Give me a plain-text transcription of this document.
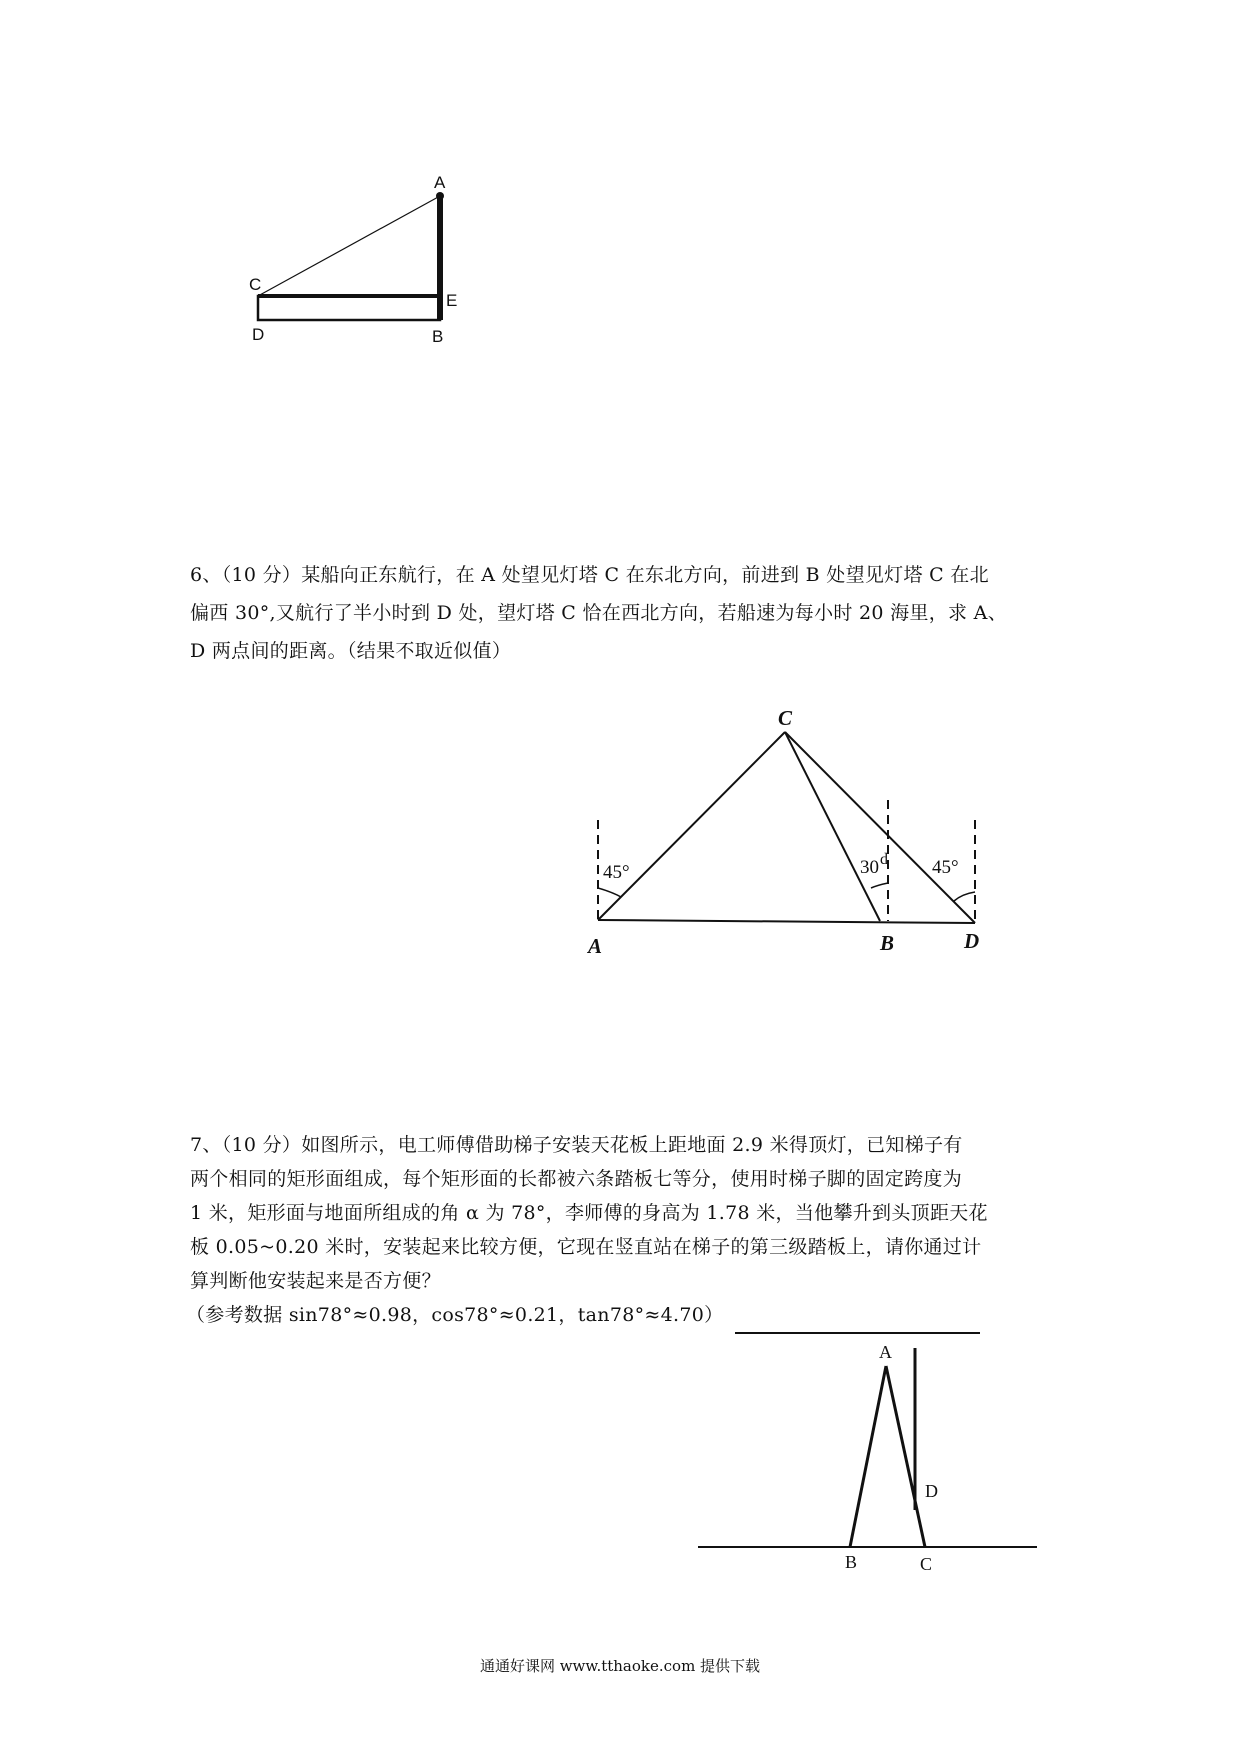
A
C
E
D	B
6、（10 分）某船向正东航行，在 A 处望见灯塔 C 在东北方向，前进到 B 处望见灯塔 C 在北
偏西 30°,又航行了半小时到 D 处，望灯塔 C 恰在西北方向，若船速为每小时 20 海里，求 A、
D 两点间的距离。（结果不取近似值）
C
A	B	D
45°	30 d 45°
7、（10 分）如图所示，电工师傅借助梯子安装天花板上距地面 2.9 米得顶灯，已知梯子有
两个相同的矩形面组成，每个矩形面的长都被六条踏板七等分，使用时梯子脚的固定跨度为
1 米，矩形面与地面所组成的角 α 为 78°，李师傅的身高为 1.78 米，当他攀升到头顶距天花
板 0.05~0.20 米时，安装起来比较方便，它现在竖直站在梯子的第三级踏板上，请你通过计
算判断他安装起来是否方便？
（参考数据 sin78°≈0.98，cos78°≈0.21，tan78°≈4.70）
A
D
B	C
通通好课网 www.tthaoke.com 提供下载
